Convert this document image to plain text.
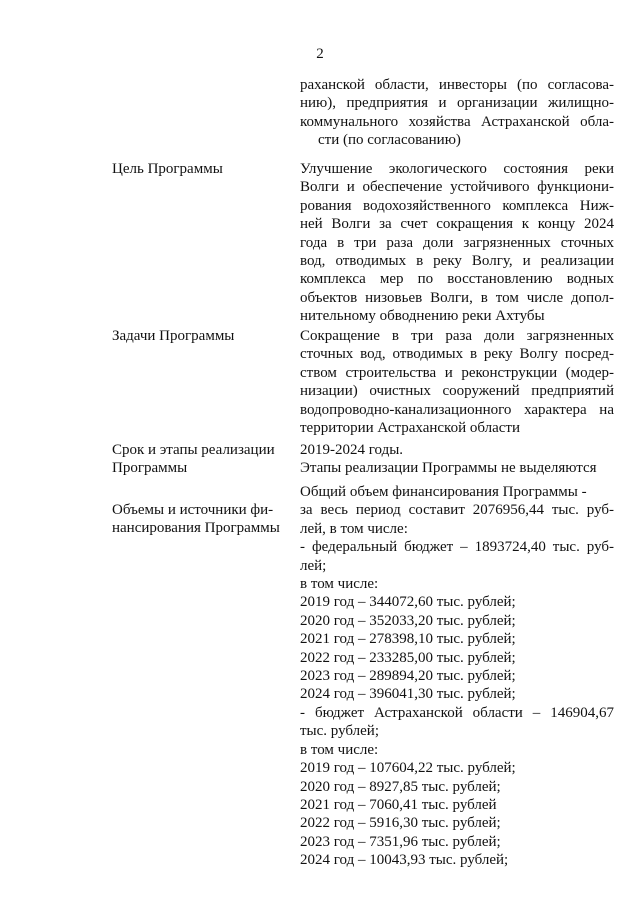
2
раханской области, инвесторы (по согласова-
нию), предприятия и организации жилищно-
коммунального хозяйства Астраханской обла-
сти (по согласованию)
Цель Программы	Улучшение экологического состояния реки
Волги и обеспечение устойчивого функциони-
рования водохозяйственного комплекса Ниж-
ней Волги за счет сокращения к концу 2024
года в три раза доли загрязненных сточных
вод, отводимых в реку Волгу, и реализации
комплекса мер по восстановлению водных
объектов низовьев Волги, в том числе допол-
нительному обводнению реки Ахтубы
Задачи Программы	Сокращение в три раза доли загрязненных
сточных вод, отводимых в реку Волгу посред-
ством строительства и реконструкции (модер-
низации) очистных сооружений предприятий
водопроводно-канализационного характера на
территории Астраханской области
Срок и этапы реализации
Программы
2019-2024 годы.
Этапы реализации Программы не выделяются
Объемы и источники фи-
нансирования Программы
Общий объем финансирования Программы -
за весь период составит 2076956,44 тыс. руб-
лей, в том числе:
- федеральный бюджет – 1893724,40 тыс. руб-
лей;
в том числе:
2019 год – 344072,60 тыс. рублей;
2020 год – 352033,20 тыс. рублей;
2021 год – 278398,10 тыс. рублей;
2022 год – 233285,00 тыс. рублей;
2023 год – 289894,20 тыс. рублей;
2024 год – 396041,30 тыс. рублей;
- бюджет Астраханской области – 146904,67
тыс. рублей;
в том числе:
2019 год – 107604,22 тыс. рублей;
2020 год – 8927,85 тыс. рублей;
2021 год – 7060,41 тыс. рублей
2022 год – 5916,30 тыс. рублей;
2023 год – 7351,96 тыс. рублей;
2024 год – 10043,93 тыс. рублей;
